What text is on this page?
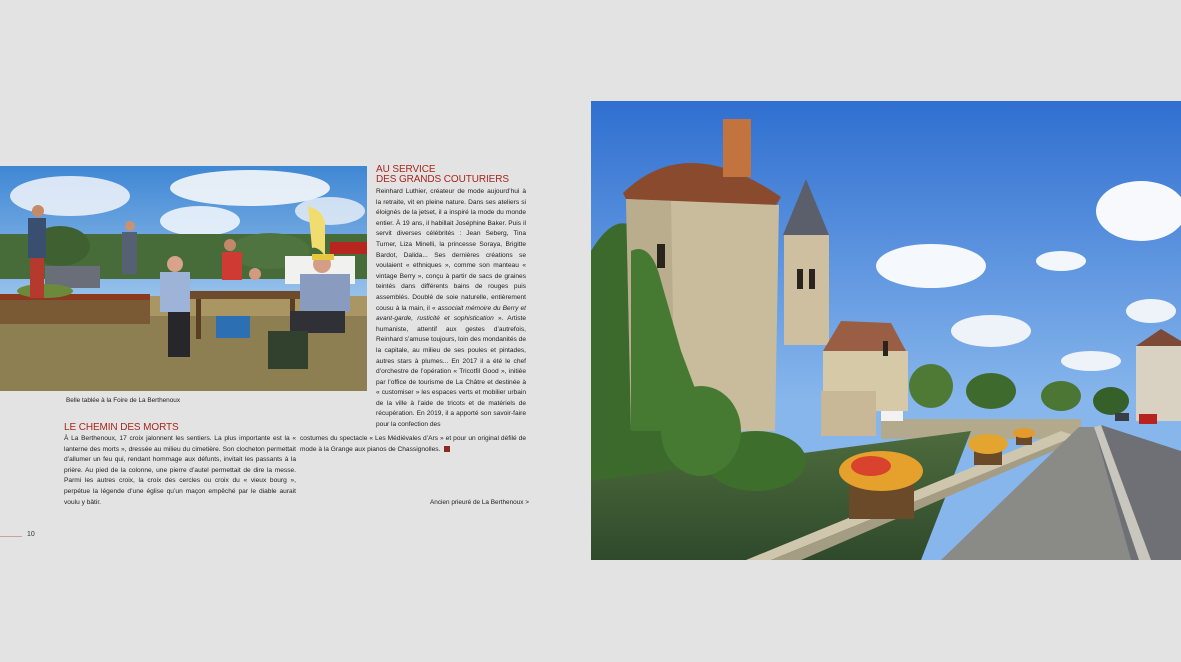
Belle tablée à la Foire de La Berthenoux
AU SERVICE
DES GRANDS COUTURIERS

Reinhard Luthier, créateur de mode aujourd’hui à la retraite, vit en pleine nature. Dans ses ateliers si éloignés de la jetset, il a inspiré la mode du monde entier. À 19 ans, il habillait Joséphine Baker. Puis il servit diverses célébrités : Jean Seberg, Tina Turner, Liza Minelli, la princesse Soraya, Brigitte Bardot, Dalida... Ses dernières créations se voulaient « ethniques », comme son manteau « vintage Berry », conçu à partir de sacs de graines teintés dans différents bains de rouges puis assemblés. Doublé de soie naturelle, entièrement cousu à la main, il « associait mémoire du Berry et avant-garde, rusticité et sophistication ». Artiste humaniste, attentif aux gestes d’autrefois, Reinhard s’amuse toujours, loin des mondanités de la capitale, au milieu de ses poules et pintades, autres stars à plumes... En 2017 il a été le chef d’orchestre de l’opération « Tricotfil Good », initiée par l’office de tourisme de La Châtre et destinée à « customiser » les espaces verts et mobilier urbain de la ville à l’aide de tricots et de matériels de récupération. En 2019, il a apporté son savoir-faire pour la confection des

LE CHEMIN DES MORTS

À La Berthenoux, 17 croix jalonnent les sentiers. La plus importante est la « lanterne des morts », dressée au milieu du cimetière. Son clocheton permettait d’allumer un feu qui, rendant hommage aux défunts, invitait les passants à la prière. Au pied de la colonne, une pierre d’autel permettait de dire la messe. Parmi les autres croix, la croix des cercles ou croix du « vieux bourg », perpétue la légende d’une église qu’un maçon empêché par le diable aurait voulu y bâtir.

costumes du spectacle « Les Médiévales d’Ars » et pour un original défilé de mode à la Grange aux pianos de Chassignolles.

Ancien prieuré de La Berthenoux >
10
